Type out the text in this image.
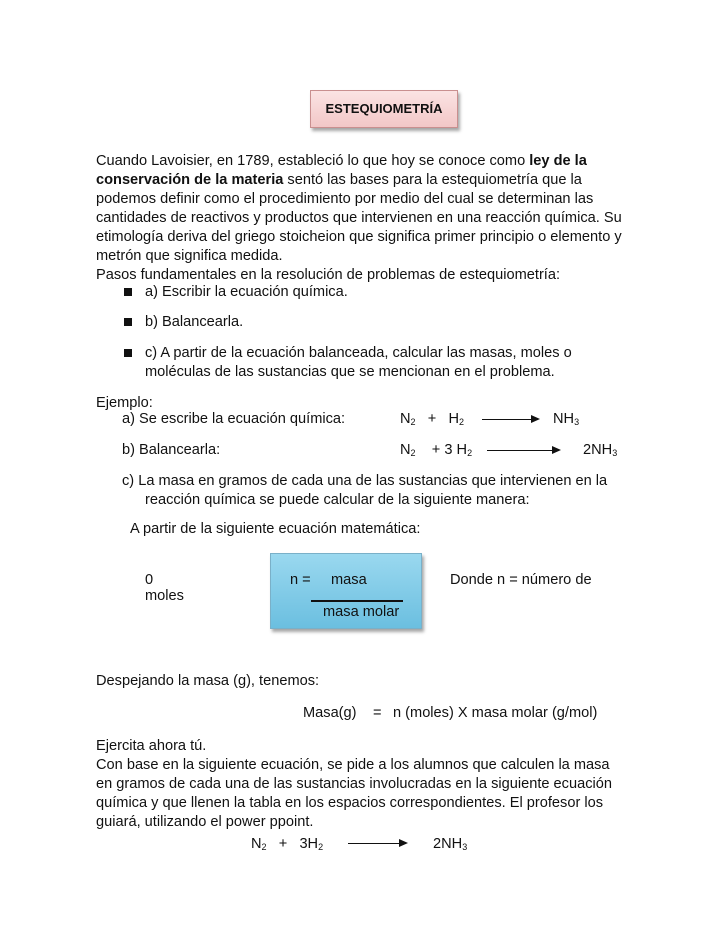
ESTEQUIOMETRÍA
Cuando Lavoisier, en 1789, estableció lo que hoy se conoce como ley de la conservación de la materia sentó las bases para la estequiometría que la podemos definir como el procedimiento por medio del cual se determinan las cantidades de reactivos y productos que intervienen en una reacción química. Su etimología deriva del griego stoicheion que significa primer principio o elemento y metrón que significa medida.
Pasos fundamentales en la resolución de problemas de estequiometría:
a) Escribir la ecuación química.
b) Balancearla.
c) A partir de la ecuación balanceada, calcular las masas, moles o
moléculas de las sustancias que se mencionan en el problema.
Ejemplo:
a) Se escribe la ecuación química:	$N_2 + H_2 \to NH_3$
b) Balancearla:	$N_2 + 3$ $H_2$	$2NH_3$
c) La masa en gramos de cada una de las sustancias que intervienen en la
reacción química se puede calcular de la siguiente manera:
A partir de la siguiente ecuación matemática:
0
moles
n = masa
masa molar
Donde n = número de
Despejando la masa (g), tenemos:
Masa(g) = n (moles) X masa molar (g/mol)
Ejercita ahora tú.
Con base en la siguiente ecuación, se pide a los alumnos que calculen la masa en gramos de cada una de las sustancias involucradas en la siguiente ecuación química y que llenen la tabla en los espacios correspondientes. El profesor los guiará, utilizando el power ppoint.
$N_2 + 3H_2$	$2NH_3$
